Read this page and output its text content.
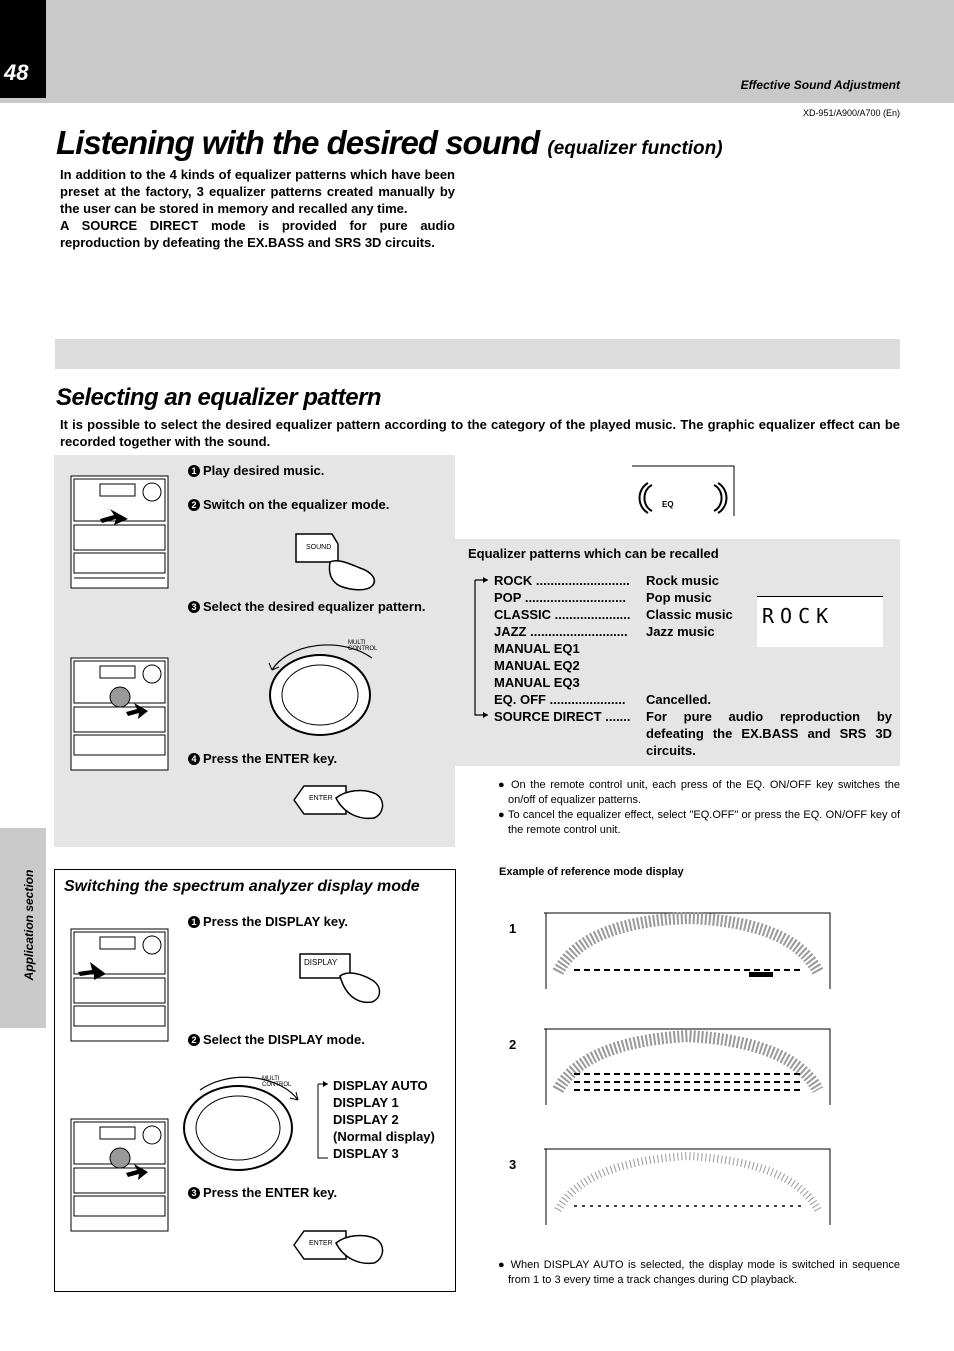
48	Effective Sound Adjustment
XD-951/A900/A700 (En)
Listening with the desired sound (equalizer function)
In addition to the 4 kinds of equalizer patterns which have been preset at the factory, 3 equalizer patterns created manually by the user can be stored in memory and recalled any time.
A SOURCE DIRECT mode is provided for pure audio reproduction by defeating the EX.BASS and SRS 3D circuits.
Selecting an equalizer pattern
It is possible to select the desired equalizer pattern according to the category of the played music. The graphic equalizer effect can be recorded together with the sound.
1 Play desired music.
2 Switch on the equalizer mode.
SOUND
3 Select the desired equalizer pattern.
MULTI CONTROL
4 Press the ENTER key.
ENTER
EQ
Equalizer patterns which can be recalled
ROCK .......................... Rock music
POP ............................ Pop music
CLASSIC ..................... Classic music
JAZZ ........................... Jazz music
MANUAL EQ1
MANUAL EQ2
MANUAL EQ3
EQ. OFF ..................... Cancelled.
SOURCE DIRECT ....... For pure audio reproduction by defeating the EX.BASS and SRS 3D circuits.
ROCK
● On the remote control unit, each press of the EQ. ON/OFF key switches the on/off of equalizer patterns.
● To cancel the equalizer effect, select "EQ.OFF" or press the EQ. ON/OFF key of the remote control unit.
Application section Switching the spectrum analyzer display mode
1 Press the DISPLAY key.
DISPLAY
2 Select the DISPLAY mode.
MULTI CONTROL	DISPLAY AUTO
DISPLAY 1
DISPLAY 2
(Normal display)
DISPLAY 3
3 Press the ENTER key.
ENTER
Example of reference mode display
1
2
3
● When DISPLAY AUTO is selected, the display mode is switched in sequence from 1 to 3 every time a track changes during CD playback.
